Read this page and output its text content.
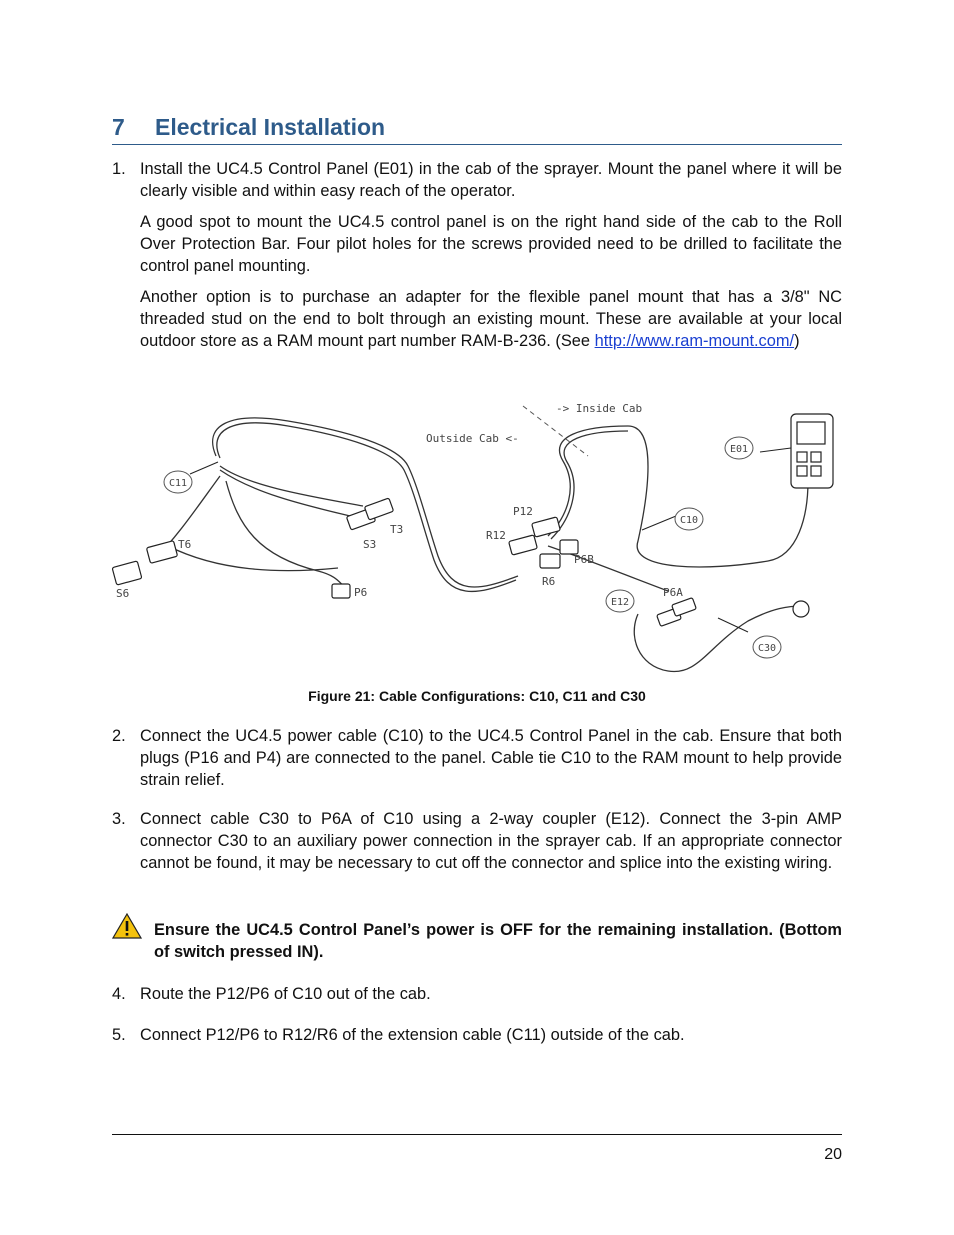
7 Electrical Installation
1. Install the UC4.5 Control Panel (E01) in the cab of the sprayer. Mount the panel where it will be clearly visible and within easy reach of the operator.

A good spot to mount the UC4.5 control panel is on the right hand side of the cab to the Roll Over Protection Bar. Four pilot holes for the screws provided need to be drilled to facilitate the control panel mounting.

Another option is to purchase an adapter for the flexible panel mount that has a 3/8" NC threaded stud on the end to bolt through an existing mount. These are available at your local outdoor store as a RAM mount part number RAM-B-236. (See http://www.ram-mount.com/)

-> Inside Cab
Outside Cab <-
C11
C10
C30
E01
E12
T6
S6
T3
S3
P6
P12
R12
P6B
R6
P6A
Figure 21: Cable Configurations: C10, C11 and C30
2. Connect the UC4.5 power cable (C10) to the UC4.5 Control Panel in the cab. Ensure that both plugs (P16 and P4) are connected to the panel. Cable tie C10 to the RAM mount to help provide strain relief.

3. Connect cable C30 to P6A of C10 using a 2-way coupler (E12). Connect the 3-pin AMP connector C30 to an auxiliary power connection in the sprayer cab. If an appropriate connector cannot be found, it may be necessary to cut off the connector and splice into the existing wiring.

Ensure the UC4.5 Control Panel’s power is OFF for the remaining installation. (Bottom of switch pressed IN).
4. Route the P12/P6 of C10 out of the cab.

5. Connect P12/P6 to R12/R6 of the extension cable (C11) outside of the cab.

20
